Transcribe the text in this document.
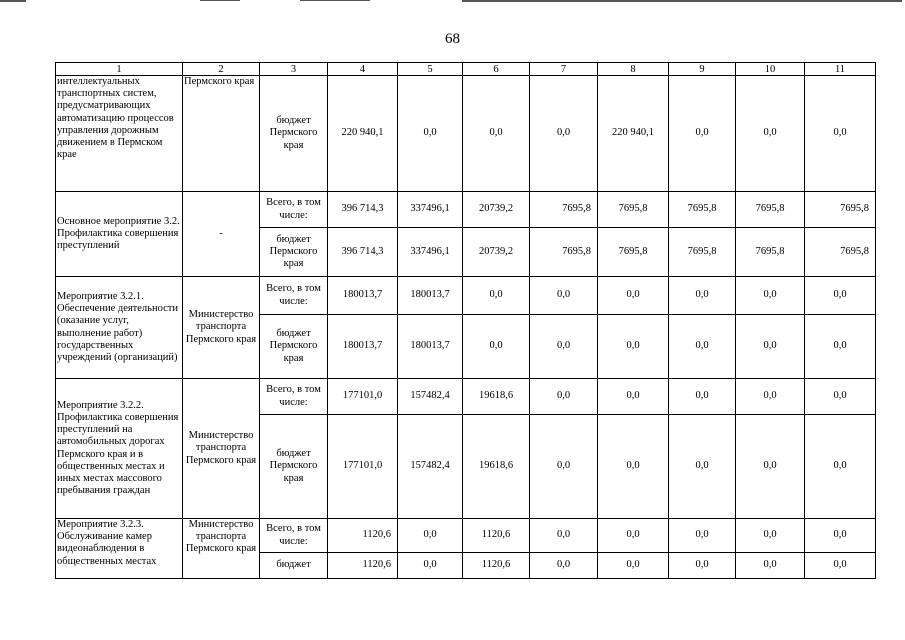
68
1	2	3	4	5	6	7	8	9	10	11
интеллектуальных транспортных систем, предусматривающих автоматизацию процессов управления дорожным движением в Пермском крае	Пермского края	бюджет Пермского края	220 940,1	0,0	0,0	0,0	220 940,1	0,0	0,0	0,0
Основное мероприятие 3.2. Профилактика совершения преступлений	-	Всего, в том числе:	396 714,3	337496,1	20739,2	7695,8	7695,8	7695,8	7695,8	7695,8
		бюджет Пермского края	396 714,3	337496,1	20739,2	7695,8	7695,8	7695,8	7695,8	7695,8
Мероприятие 3.2.1. Обеспечение деятельности (оказание услуг, выполнение работ) государственных учреждений (организаций)	Министерство транспорта Пермского края	Всего, в том числе:	180013,7	180013,7	0,0	0,0	0,0	0,0	0,0	0,0
		бюджет Пермского края	180013,7	180013,7	0,0	0,0	0,0	0,0	0,0	0,0
Мероприятие 3.2.2. Профилактика совершения преступлений на автомобильных дорогах Пермского края и в общественных местах и иных местах массового пребывания граждан	Министерство транспорта Пермского края	Всего, в том числе:	177101,0	157482,4	19618,6	0,0	0,0	0,0	0,0	0,0
		бюджет Пермского края	177101,0	157482,4	19618,6	0,0	0,0	0,0	0,0	0,0
Мероприятие 3.2.3. Обслуживание камер видеонаблюдения в общественных местах	Министерство транспорта Пермского края	Всего, в том числе:	1120,6	0,0	1120,6	0,0	0,0	0,0	0,0	0,0
		бюджет	1120,6	0,0	1120,6	0,0	0,0	0,0	0,0	0,0
